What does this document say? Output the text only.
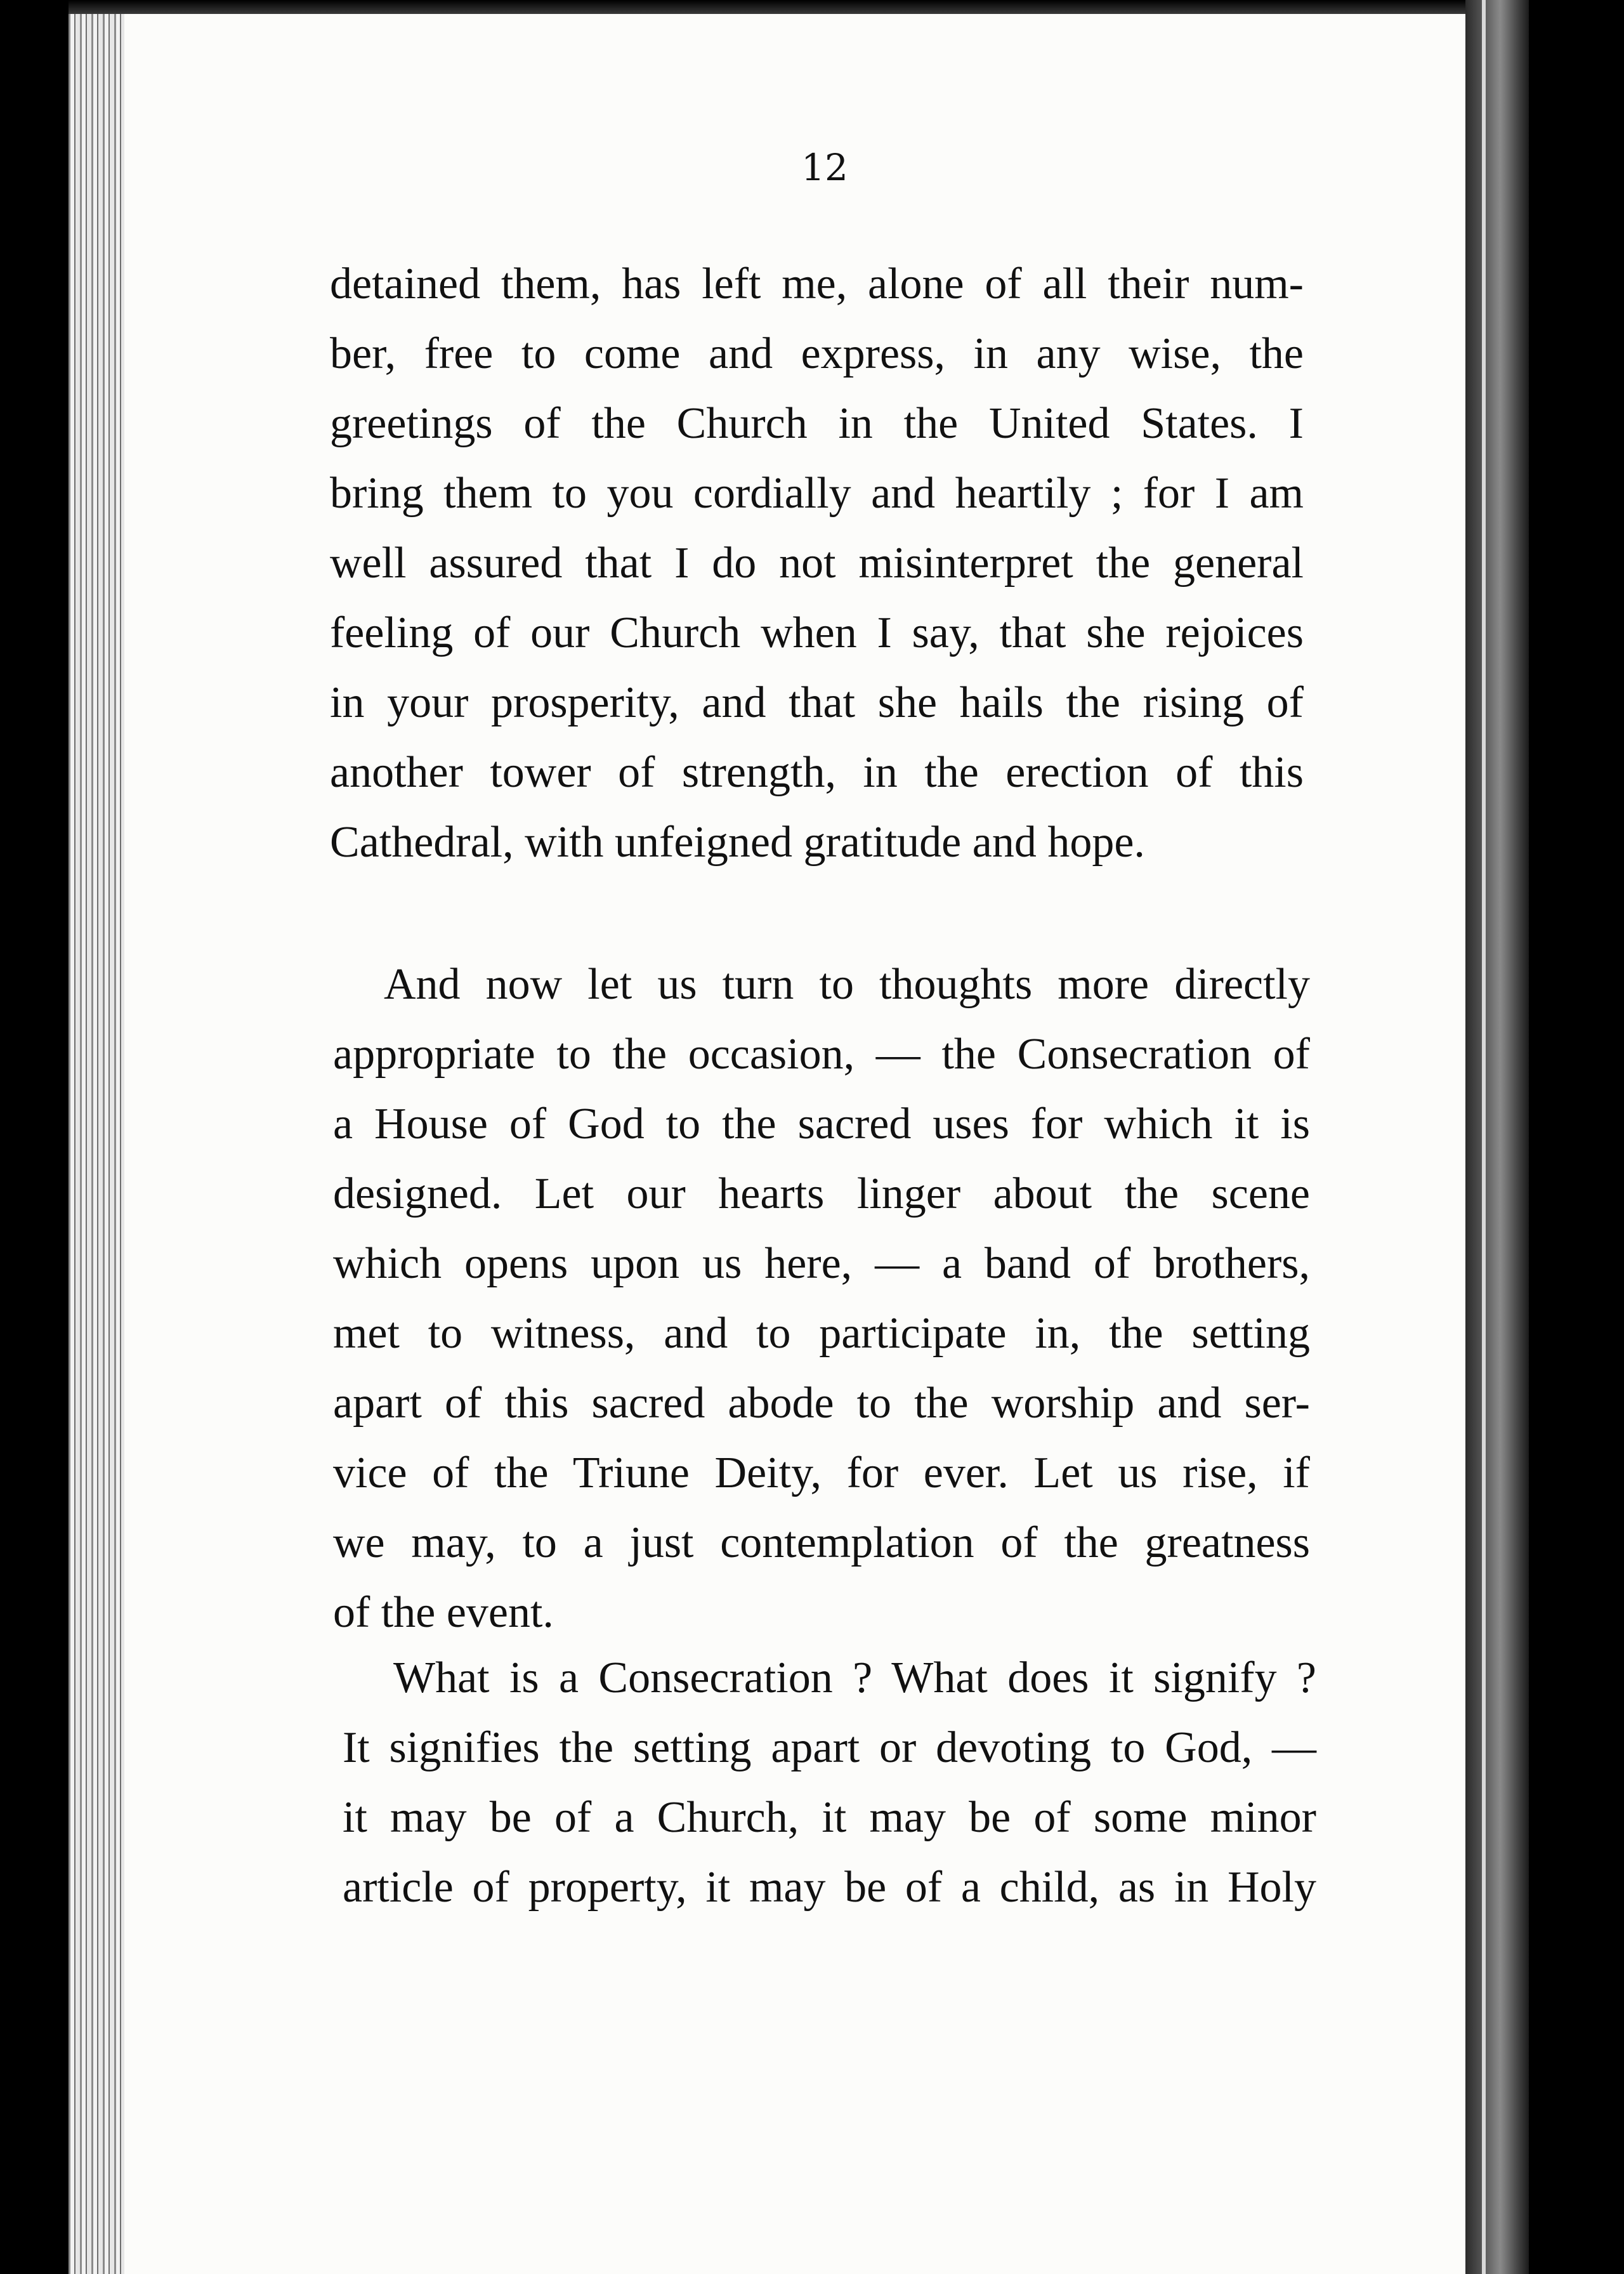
12
detained them, has left me, alone of all their num-
ber, free to come and express, in any wise, the
greetings of the Church in the United States. I
bring them to you cordially and heartily ; for I am
well assured that I do not misinterpret the general
feeling of our Church when I say, that she rejoices
in your prosperity, and that she hails the rising of
another tower of strength, in the erection of this
Cathedral, with unfeigned gratitude and hope.
And now let us turn to thoughts more directly
appropriate to the occasion, — the Consecration of
a House of God to the sacred uses for which it is
designed. Let our hearts linger about the scene
which opens upon us here, — a band of brothers,
met to witness, and to participate in, the setting
apart of this sacred abode to the worship and ser-
vice of the Triune Deity, for ever. Let us rise, if
we may, to a just contemplation of the greatness
of the event.
What is a Consecration ? What does it signify ?
It signifies the setting apart or devoting to God, —
it may be of a Church, it may be of some minor
article of property, it may be of a child, as in Holy
